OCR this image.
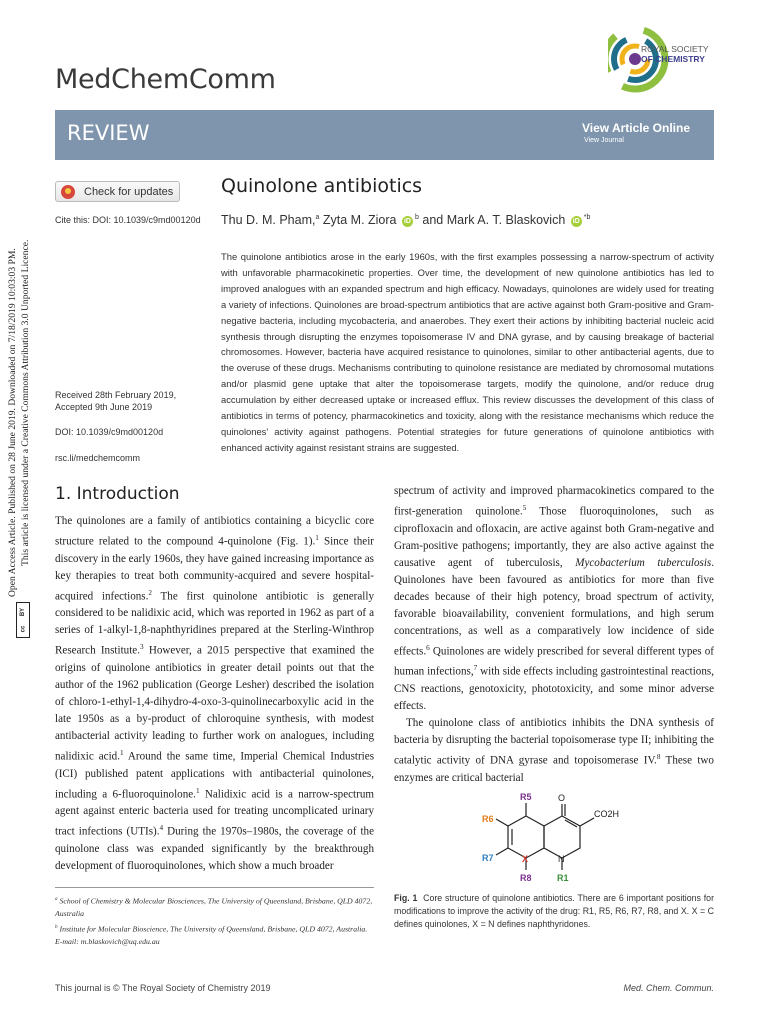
MedChemComm
ROYAL SOCIETY
OF CHEMISTRY
REVIEW	View Article Online
View Journal
Check for updates
Cite this: DOI: 10.1039/c9md00120d
Quinolone antibiotics
Thu D. M. Pham,$^a$ Zyta M. Ziora $iD^b$ and Mark A. T. Blaskovich $iD^{*b}$
The quinolone antibiotics arose in the early 1960s, with the first examples possessing a narrow-spectrum of activity with unfavorable pharmacokinetic properties. Over time, the development of new quinolone antibiotics has led to improved analogues with an expanded spectrum and high efficacy. Nowadays, quinolones are widely used for treating a variety of infections. Quinolones are broad-spectrum antibiotics that are active against both Gram-positive and Gram-negative bacteria, including mycobacteria, and anaerobes. They exert their actions by inhibiting bacterial nucleic acid synthesis through disrupting the enzymes topoisomerase IV and DNA gyrase, and by causing breakage of bacterial chromosomes. However, bacteria have acquired resistance to quinolones, similar to other antibacterial agents, due to the overuse of these drugs. Mechanisms contributing to quinolone resistance are mediated by chromosomal mutations and/or plasmid gene uptake that alter the topoisomerase targets, modify the quinolone, and/or reduce drug accumulation by either decreased uptake or increased efflux. This review discusses the development of this class of antibiotics in terms of potency, pharmacokinetics and toxicity, along with the resistance mechanisms which reduce the quinolones' activity against pathogens. Potential strategies for future generations of quinolone antibiotics with enhanced activity against resistant strains are suggested.
Received 28th February 2019,
Accepted 9th June 2019
DOI: 10.1039/c9md00120d
rsc.li/medchemcomm
Open Access Article. Published on 28 June 2019. Downloaded on 7/18/2019 10:03:03 PM. This article is licensed under a Creative Commons Attribution 3.0 Unported Licence.
BY
cc
1. Introduction

The quinolones are a family of antibiotics containing a bicyclic core structure related to the compound 4-quinolone (Fig. 1).$^1$ Since their discovery in the early 1960s, they have gained increasing importance as key therapies to treat both community-acquired and severe hospital-acquired infections.$^2$ The first quinolone antibiotic is generally considered to be nalidixic acid, which was reported in 1962 as part of a series of 1-alkyl-1,8-naphthyridines prepared at the Sterling-Winthrop Research Institute.$^3$ However, a 2015 perspective that examined the origins of quinolone antibiotics in greater detail points out that the author of the 1962 publication (George Lesher) described the isolation of chloro-1-ethyl-1,4-dihydro-4-oxo-3-quinolinecarboxylic acid in the late 1950s as a by-product of chloroquine synthesis, with modest antibacterial activity leading to further work on analogues, including nalidixic acid.$^1$ Around the same time, Imperial Chemical Industries (ICI) published patent applications with antibacterial quinolones, including a 6-fluoroquinolone.$^1$ Nalidixic acid is a narrow-spectrum agent against enteric bacteria used for treating uncomplicated urinary tract infections (UTIs).$^4$ During the 1970s–1980s, the coverage of the quinolone class was expanded significantly by the breakthrough development of fluoroquinolones, which show a much broader

spectrum of activity and improved pharmacokinetics compared to the first-generation quinolone.$^5$ Those fluoroquinolones, such as ciprofloxacin and ofloxacin, are active against both Gram-negative and Gram-positive pathogens; importantly, they are also active against the causative agent of tuberculosis, Mycobacterium tuberculosis. Quinolones have been favoured as antibiotics for more than five decades because of their high potency, broad spectrum of activity, favorable bioavailability, convenient formulations, and high serum concentrations, as well as a comparatively low incidence of side effects.$^6$ Quinolones are widely prescribed for several different types of human infections,$^7$ with side effects including gastrointestinal reactions, CNS reactions, genotoxicity, phototoxicity, and some minor adverse effects.

The quinolone class of antibiotics inhibits the DNA synthesis of bacteria by disrupting the bacterial topoisomerase type II; inhibiting the catalytic activity of DNA gyrase and topoisomerase IV.$^8$ These two enzymes are critical bacterial

R5
R6
R7	X
R8
N
R1
O
CO2H
Fig. 1 Core structure of quinolone antibiotics. There are 6 important positions for modifications to improve the activity of the drug: R1, R5, R6, R7, R8, and X. X = C defines quinolones, X = N defines naphthyridones.
$^a$ School of Chemistry & Molecular Biosciences, The University of Queensland, Brisbane, QLD 4072, Australia
$^b$ Institute for Molecular Bioscience, The University of Queensland, Brisbane, QLD 4072, Australia. E-mail: m.blaskovich@uq.edu.au
This journal is © The Royal Society of Chemistry 2019	Med. Chem. Commun.
